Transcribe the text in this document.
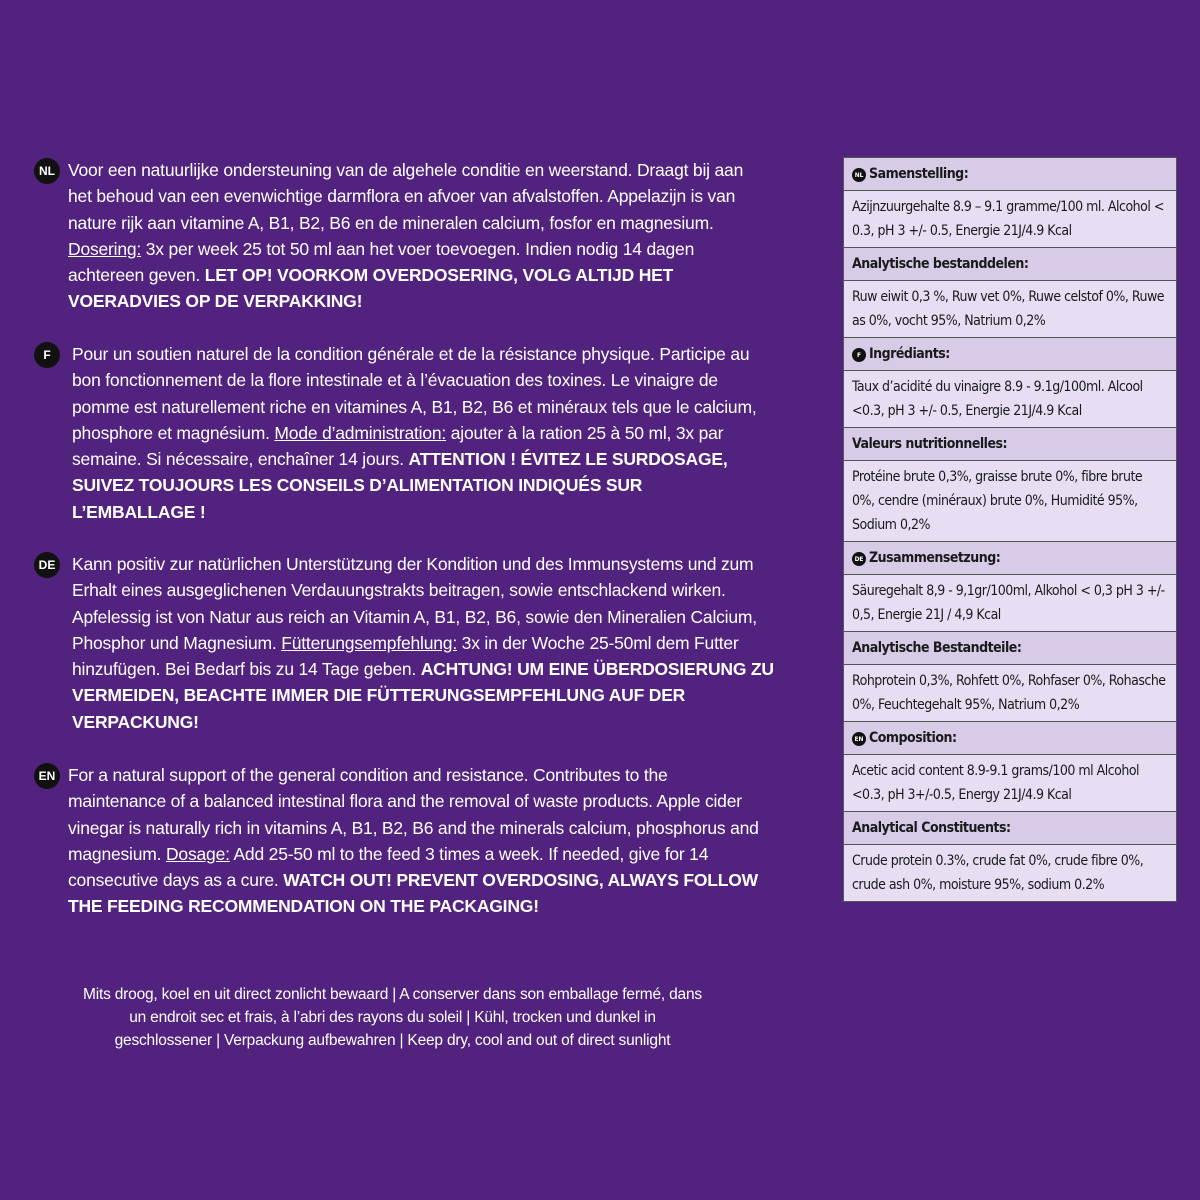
NL Voor een natuurlijke ondersteuning van de algehele conditie en weerstand. Draagt bij aan het behoud van een evenwichtige darmflora en afvoer van afvalstoffen. Appelazijn is van nature rijk aan vitamine A, B1, B2, B6 en de mineralen calcium, fosfor en magnesium. Dosering: 3x per week 25 tot 50 ml aan het voer toevoegen. Indien nodig 14 dagen achtereen geven. LET OP! VOORKOM OVERDOSERING, VOLG ALTIJD HET VOERADVIES OP DE VERPAKKING!

F	Pour un soutien naturel de la condition générale et de la résistance physique. Participe au bon fonctionnement de la flore intestinale et à l’évacuation des toxines. Le vinaigre de pomme est naturellement riche en vitamines A, B1, B2, B6 et minéraux tels que le calcium, phosphore et magnésium. Mode d’administration: ajouter à la ration 25 à 50 ml, 3x par semaine. Si nécessaire, enchaîner 14 jours. ATTENTION ! ÉVITEZ LE SURDOSAGE, SUIVEZ TOUJOURS LES CONSEILS D’ALIMENTATION INDIQUÉS SUR L’EMBALLAGE !

DE Kann positiv zur natürlichen Unterstützung der Kondition und des Immunsystems und zum Erhalt eines ausgeglichenen Verdauungstrakts beitragen, sowie entschlackend wirken. Apfelessig ist von Natur aus reich an Vitamin A, B1, B2, B6, sowie den Mineralien Calcium, Phosphor und Magnesium. Fütterungsempfehlung: 3x in der Woche 25-50ml dem Futter hinzufügen. Bei Bedarf bis zu 14 Tage geben. ACHTUNG! UM EINE ÜBERDOSIERUNG ZU VERMEIDEN, BEACHTE IMMER DIE FÜTTERUNGSEMPFEHLUNG AUF DER VERPACKUNG!

EN For a natural support of the general condition and resistance. Contributes to the maintenance of a balanced intestinal flora and the removal of waste products. Apple cider vinegar is naturally rich in vitamins A, B1, B2, B6 and the minerals calcium, phosphorus and magnesium. Dosage: Add 25-50 ml to the feed 3 times a week. If needed, give for 14 consecutive days as a cure. WATCH OUT! PREVENT OVERDOSING, ALWAYS FOLLOW THE FEEDING RECOMMENDATION ON THE PACKAGING!

Mits droog, koel en uit direct zonlicht bewaard | A conserver dans son emballage fermé, dans un endroit sec et frais, à l’abri des rayons du soleil | Kühl, trocken und dunkel in geschlossener | Verpackung aufbewahren | Keep dry, cool and out of direct sunlight
NL Samenstelling:
Azijnzuurgehalte 8.9 – 9.1 gramme/100 ml. Alcohol < 0.3, pH 3 +/- 0.5, Energie 21J/4.9 Kcal
Analytische bestanddelen:
Ruw eiwit 0,3 %, Ruw vet 0%, Ruwe celstof 0%, Ruwe as 0%, vocht 95%, Natrium 0,2%
F Ingrédiants:
Taux d’acidité du vinaigre 8.9 - 9.1g/100ml. Alcool <0.3, pH 3 +/- 0.5, Energie 21J/4.9 Kcal
Valeurs nutritionnelles:
Protéine brute 0,3%, graisse brute 0%, fibre brute 0%, cendre (minéraux) brute 0%, Humidité 95%, Sodium 0,2%
DE Zusammensetzung:
Säuregehalt 8,9 - 9,1gr/100ml, Alkohol < 0,3 pH 3 +/- 0,5, Energie 21J / 4,9 Kcal
Analytische Bestandteile:
Rohprotein 0,3%, Rohfett 0%, Rohfaser 0%, Rohasche 0%, Feuchtegehalt 95%, Natrium 0,2%
EN Composition:
Acetic acid content 8.9-9.1 grams/100 ml Alcohol <0.3, pH 3+/-0.5, Energy 21J/4.9 Kcal
Analytical Constituents:
Crude protein 0.3%, crude fat 0%, crude fibre 0%, crude ash 0%, moisture 95%, sodium 0.2%
